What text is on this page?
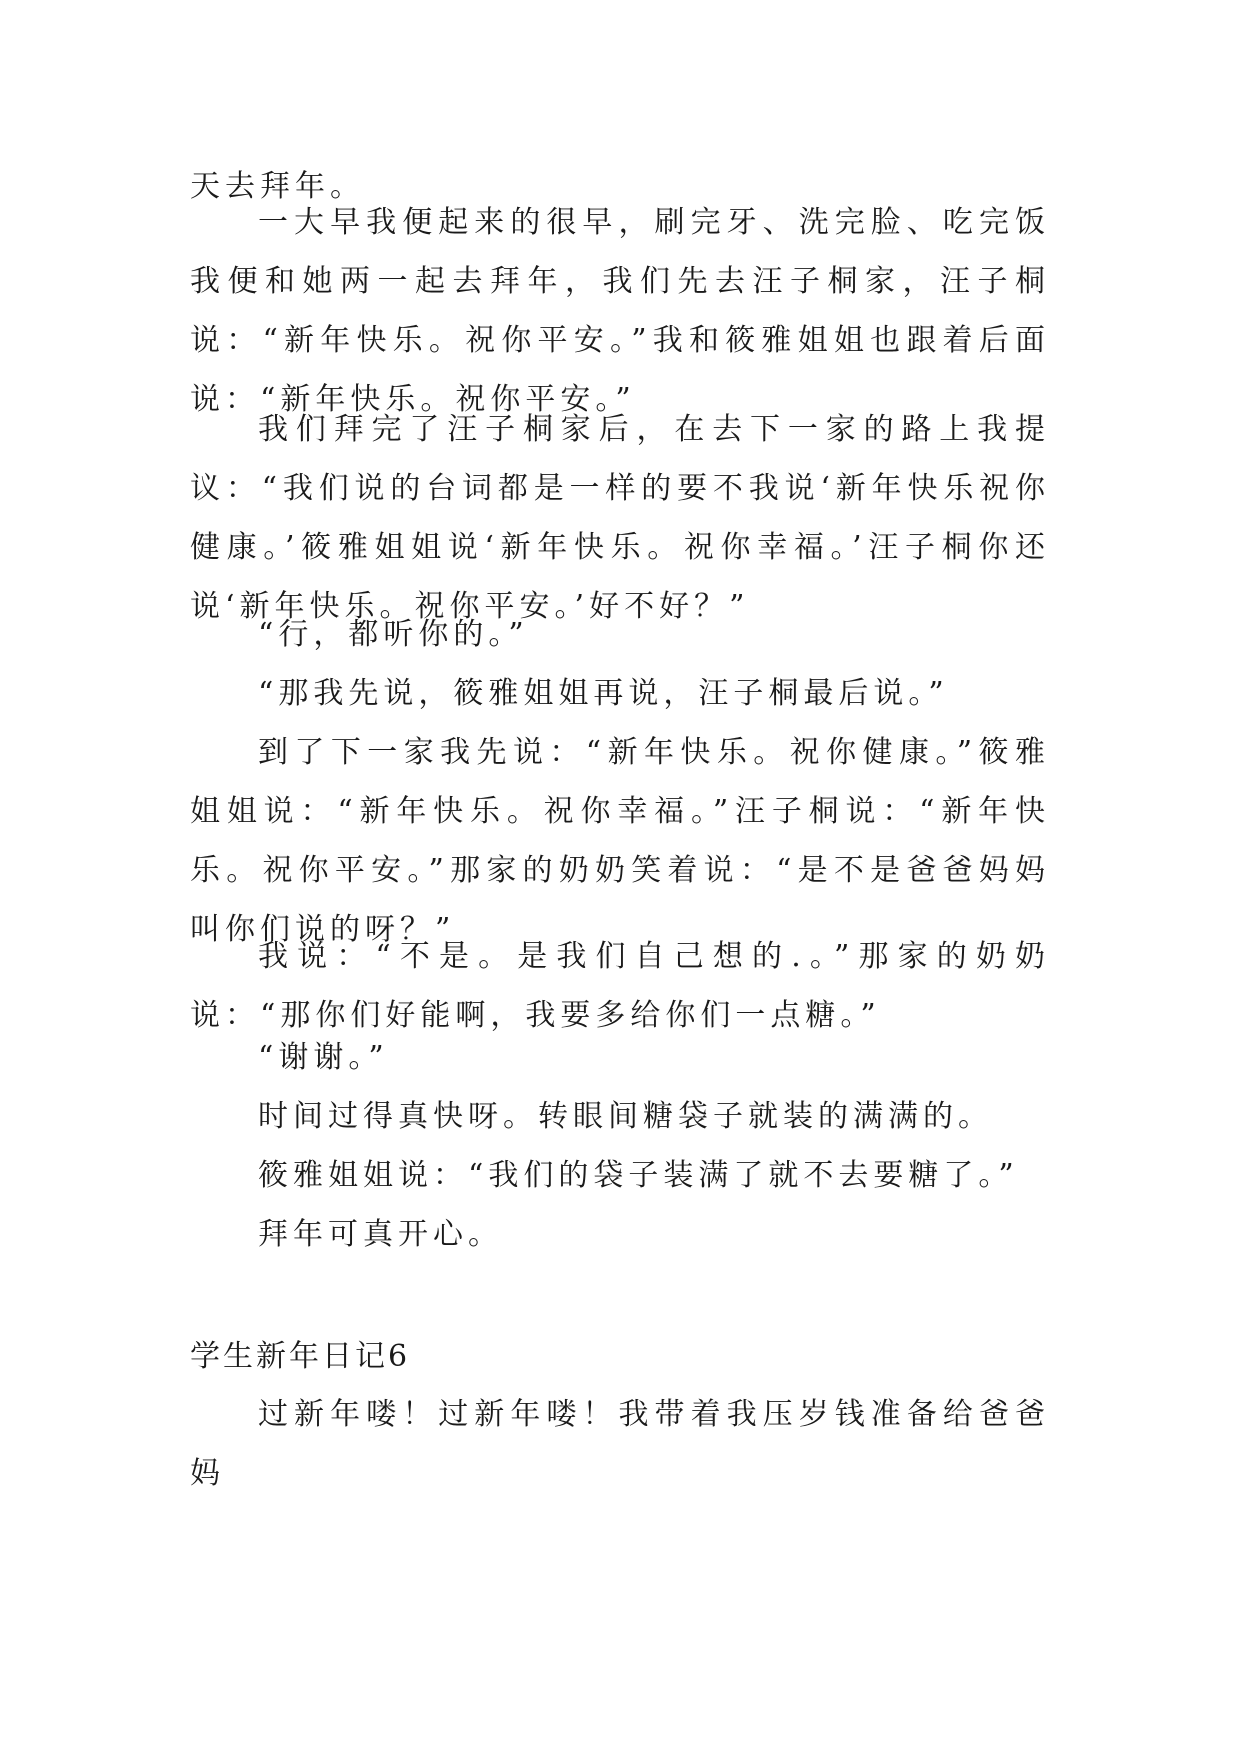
天去拜年。

一大早我便起来的很早，刷完牙、洗完脸、吃完饭我便和她两一起去拜年，我们先去汪子桐家，汪子桐说：“新年快乐。祝你平安。”我和筱雅姐姐也跟着后面说：“新年快乐。祝你平安。”

我们拜完了汪子桐家后，在去下一家的路上我提议：“我们说的台词都是一样的要不我说‘新年快乐祝你健康。’筱雅姐姐说‘新年快乐。祝你幸福。’汪子桐你还说‘新年快乐。祝你平安。’好不好？”

“行，都听你的。”

“那我先说，筱雅姐姐再说，汪子桐最后说。”

到了下一家我先说：“新年快乐。祝你健康。”筱雅姐姐说：“新年快乐。祝你幸福。”汪子桐说：“新年快乐。祝你平安。”那家的奶奶笑着说：“是不是爸爸妈妈叫你们说的呀？”

我说：“不是。是我们自己想的.。”那家的奶奶说：“那你们好能啊，我要多给你们一点糖。”

“谢谢。”

时间过得真快呀。转眼间糖袋子就装的满满的。

筱雅姐姐说：“我们的袋子装满了就不去要糖了。”

拜年可真开心。

学生新年日记6

过新年喽！过新年喽！我带着我压岁钱准备给爸爸妈
